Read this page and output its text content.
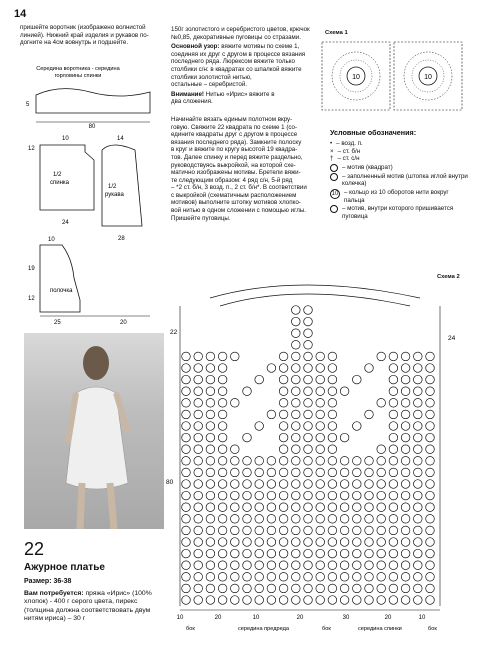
14
пришейте воротник (изображено волнистой
линией). Нижний край изделия и рукавов по-
догните на 4см вовнутрь и подшейте.
Середина воротника - середина
горловины спинки
80
5
10
12
1/2
спинка
24
14
1/2
рукава
28
10
19
12
полочка
25	20
150г золотистого и серебристого цветов, крючок
№0,85, декоративные пуговицы со стразами.
Основной узор: вяжите мотивы по схеме 1,
соединяя их друг с другом в процессе вязания
последнего ряда. Люрексом вяжите только
столбики с/н: в квадратах со шпалкой вяжите
столбики золотистой нитью,
остальные – серебристой.
Внимание! Нитью «Ирис» вяжите в
два сложения.
Начинайте вязать единым полотном вкру-
говую. Свяжите 22 квадрата по схеме 1 (со-
едините квадраты друг с другом в процессе
вязания последнего ряда). Замкните полоску
в круг и вяжите по кругу высотой 19 квадра-
тов. Далее спинку и перед вяжите раздельно,
руководствуясь выкройкой, на которой схе-
матично изображены мотивы. Бретели вяжи-
те следующим образом: 4 ряд с/н, 5-й ряд
– *2 ст. б/н, 3 возд. п., 2 ст. б/н*. В соответствии
с выкройкой (схематичным расположением
мотивов) выполните штопку мотивов хлопко-
вой нитью в одном сложении с помощью иглы.
Пришейте пуговицы.
Схема 1
10	10
Условные обозначения:
• – возд. п.
× – ст. б/н
† – ст. с/н
– мотив (квадрат)
– заполненный мотив (штопка иглой внутри колечка)
10 – кольцо из 10 оборотов нити вокруг пальца
– мотив, внутри которого пришивается пуговица
Схема 2
22
24
80
10	20	10	20	30	20	10
бок	середина предреда	бок	середина спинки	бок
22
Ажурное платье
Размер: 36-38
Вам потребуется: пряжа «Ирис» (100% хлопок) - 400 г серого цвета, пирекс (толщина должна соответствовать двум нитям ириса) – 30 г
